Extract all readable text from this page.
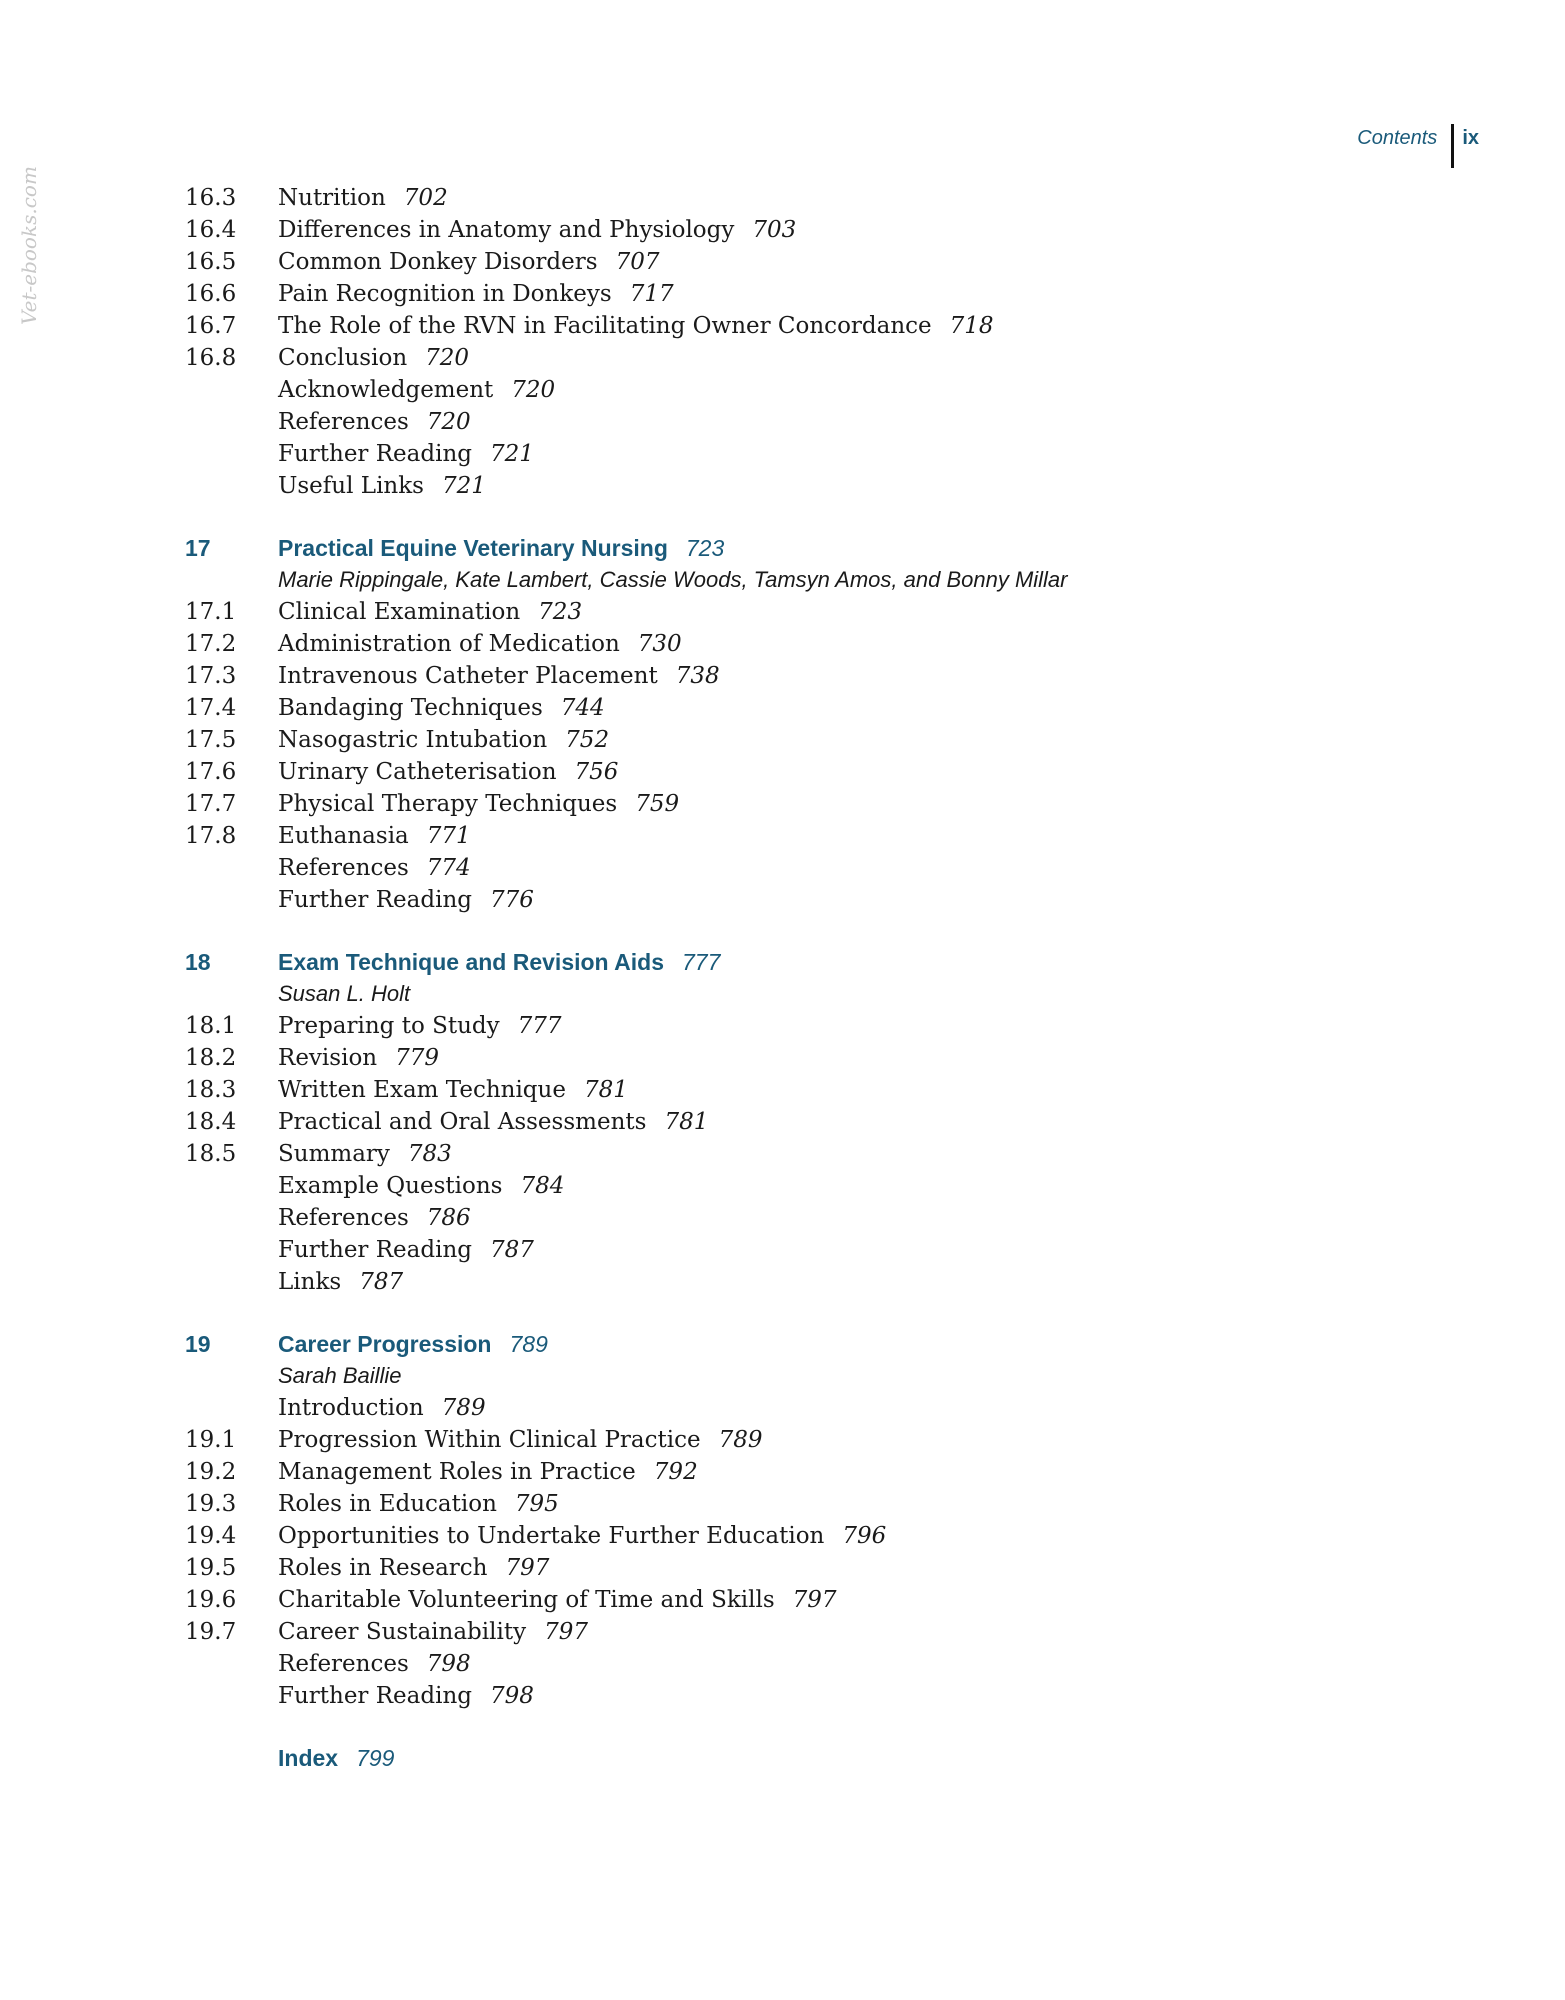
Contents ix
Vet-ebooks.com	16.3 Nutrition 702
16.4 Differences in Anatomy and Physiology 703
16.5 Common Donkey Disorders 707
16.6 Pain Recognition in Donkeys 717
16.7 The Role of the RVN in Facilitating Owner Concordance 718
16.8 Conclusion 720
Acknowledgement 720
References 720
Further Reading 721
Useful Links 721
17	Practical Equine Veterinary Nursing 723
Marie Rippingale, Kate Lambert, Cassie Woods, Tamsyn Amos, and Bonny Millar
17.1 Clinical Examination 723
17.2 Administration of Medication 730
17.3 Intravenous Catheter Placement 738
17.4 Bandaging Techniques 744
17.5 Nasogastric Intubation 752
17.6 Urinary Catheterisation 756
17.7 Physical Therapy Techniques 759
17.8 Euthanasia 771
References 774
Further Reading 776
18	Exam Technique and Revision Aids 777
Susan L. Holt
18.1 Preparing to Study 777
18.2 Revision 779
18.3 Written Exam Technique 781
18.4 Practical and Oral Assessments 781
18.5 Summary 783
Example Questions 784
References 786
Further Reading 787
Links 787
19	Career Progression 789
Sarah Baillie
Introduction 789
19.1 Progression Within Clinical Practice 789
19.2 Management Roles in Practice 792
19.3 Roles in Education 795
19.4 Opportunities to Undertake Further Education 796
19.5 Roles in Research 797
19.6 Charitable Volunteering of Time and Skills 797
19.7 Career Sustainability 797
References 798
Further Reading 798
Index 799
